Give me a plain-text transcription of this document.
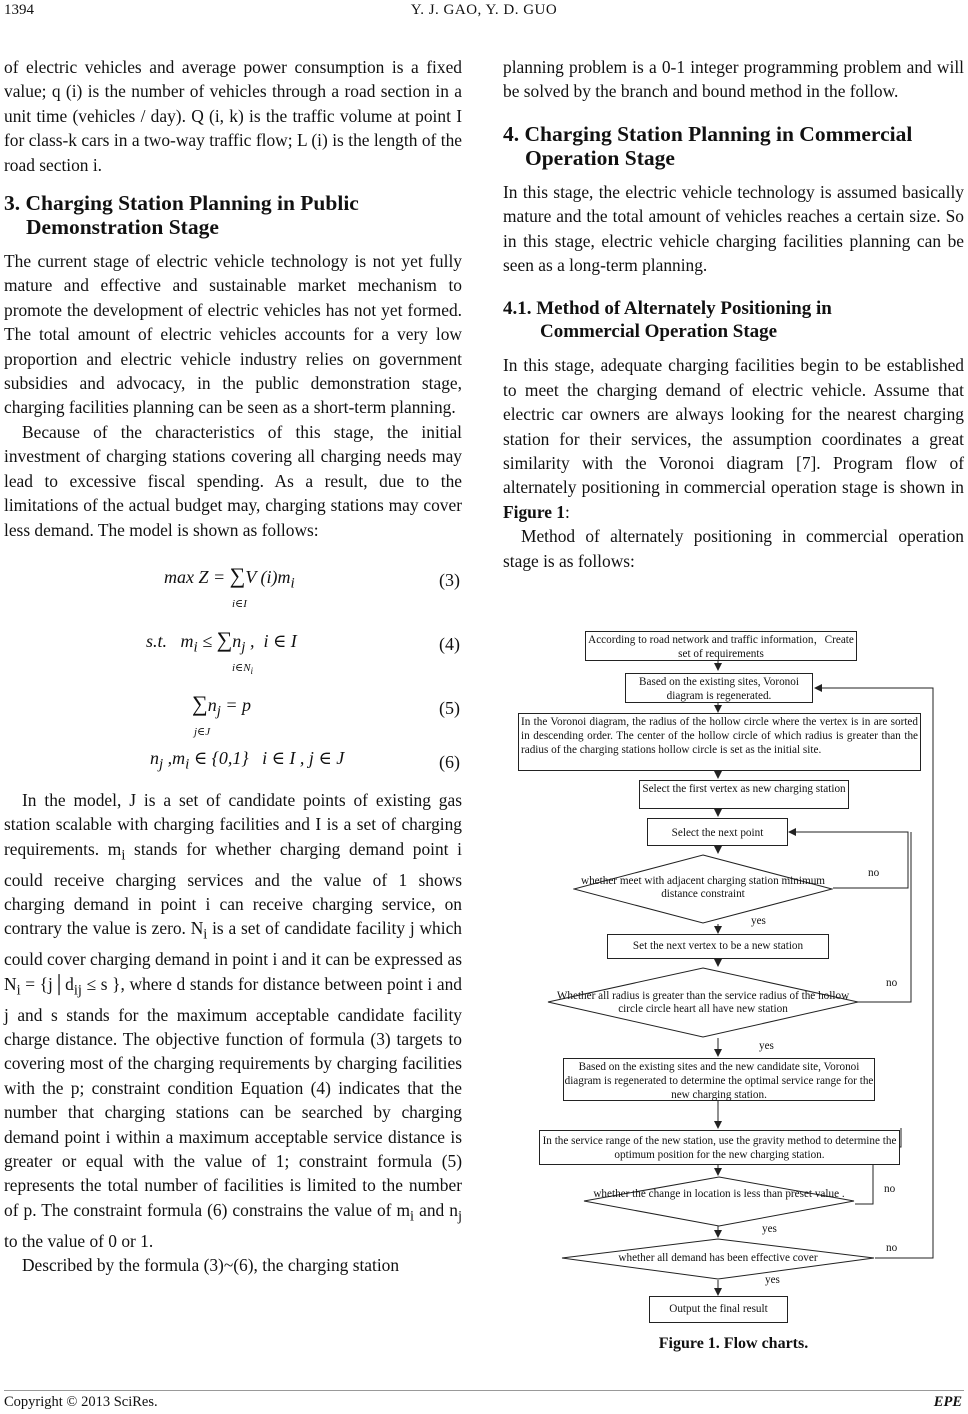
1394	Y. J. GAO, Y. D. GUO

of electric vehicles and average power consumption is a fixed value; q (i) is the number of vehicles through a road section in a unit time (vehicles / day). Q (i, k) is the traffic volume at point I for class-k cars in a two-way traffic flow; L (i) is the length of the road section i.

3. Charging Station Planning in Public
Demonstration Stage

The current stage of electric vehicle technology is not yet fully mature and effective and sustainable market mechanism to promote the development of electric vehicles has not yet formed. The total amount of electric vehicles accounts for a very low proportion and electric vehicle industry relies on government subsidies and advocacy, in the public demonstration stage, charging facilities planning can be seen as a short-term planning.

Because of the characteristics of this stage, the initial investment of charging stations covering all charging needs may lead to excessive fiscal spending. As a result, due to the limitations of the actual budget may, charging stations may cover less demand. The model is shown as follows:

max Z = ∑V $(i)m_i$
i∈I
(3)
s.t. $m_i \le \sum n_j$ ,  i ∈ I
$i\in N_i$
(4)
$\sum n_j = p$
j∈J
(5)
$n_j$ $,m_i$ ∈ {0,1}   i ∈ I , j ∈ J	(6)

In the model, J is a set of candidate points of existing gas station scalable with charging facilities and I is a set of charging requirements. $m_i$ stands for whether charging demand point i could receive charging services and the value of 1 shows charging demand in point i can receive charging service, on contrary the value is zero. $N_i$ is a set of candidate facility j which could cover charging demand in point i and it can be expressed as $N_i$ = {$j│d_{ij} \le s$ }, where d stands for distance between point i and j and s stands for the maximum acceptable candidate facility charge distance. The objective function of formula (3) targets to covering most of the charging requirements by charging facilities with the p; constraint condition Equation (4) indicates that the number that charging stations can be searched by charging demand point i within a maximum acceptable service distance is greater or equal with the value of 1; constraint formula (5) represents the total number of facilities is limited to the number of p. The constraint formula (6) constrains the value of $m_i$ and $n_j$ to the value of 0 or 1.

Described by the formula (3)~(6), the charging station

planning problem is a 0-1 integer programming problem and will be solved by the branch and bound method in the follow.

4. Charging Station Planning in Commercial
Operation Stage

In this stage, the electric vehicle technology is assumed basically mature and the total amount of vehicles reaches a certain size. So in this stage, electric vehicle charging facilities planning can be seen as a long-term planning.

4.1. Method of Alternately Positioning in
Commercial Operation Stage

In this stage, adequate charging facilities begin to be established to meet the charging demand of electric vehicle. Assume that electric car owners are always looking for the nearest charging station for their services, the assumption coordinates a great similarity with the Voronoi diagram [7]. Program flow of alternately positioning in commercial operation stage is shown in Figure 1:

Method of alternately positioning in commercial operation stage is as follows:

According to road network and traffic information，Create set of requirements
Based on the existing sites, Voronoi diagram is regenerated.
In the Voronoi diagram, the radius of the hollow circle where the vertex is in are sorted in descending order. The center of the hollow circle of which radius is greater than the radius of the charging stations hollow circle is set as the initial site.
Select the first vertex as new charging station
Select the next point
whether meet with adjacent charging station minimum distance constraint
Set the next vertex to be a new station
Whether all radius is greater than the service radius of the hollow circle circle heart all have new station
Based on the existing sites and the new candidate site, Voronoi diagram is regenerated to determine the optimal service range for the new charging station.
In the service range of the new station, use the gravity method to determine the optimum position for the new charging station.
whether the change in location is less than preset value .
whether all demand has been effective cover
Output the final result
yes
no
yes
no
yes
no
yes
no
Figure 1. Flow charts.
Copyright © 2013 SciRes.	EPE
